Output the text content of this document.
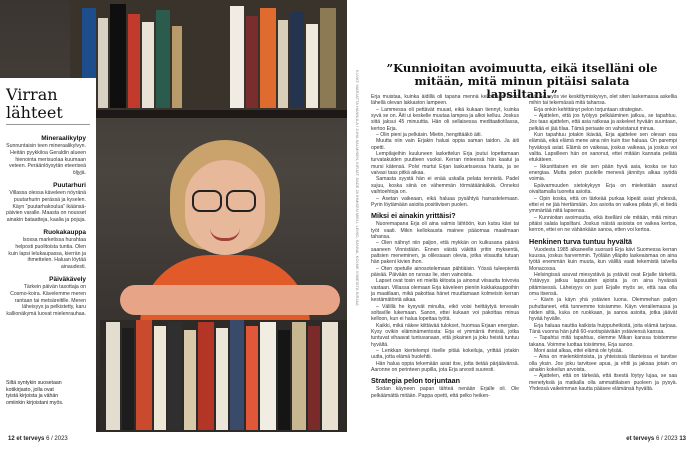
Virran lähteet
Mineraalikylpy
Sunnuntaisin teen mineraalikylvyn. Heitän pyykkiloa Geraldin alueen hienointa merisuolaa kuumaan veteen. Peräänlöysytän eteeriseä öljyjä.
Puutarhuri
Villassa olessa käveleen nöyränä puutarhurin perässä ja kyselen. Käyn “puutarhakoulua” ikäänsä-päivien varalle. Maasta on nousset ainakin bataatteja, kaalia ja pojuja.
Ruokakauppa
Isossa marketissa hurahtaa helposti puolitoista tuntia. Olen kuin lapsi lelukaupassa, kierrän ja ihmettelen. Haluan löytää ainaudesti.
Päiväkävely
Tärkein päivän tasottaja on Cosmo-koira. Kävelemme meren rantaan tai metsäreitille. Meren läheisyys ja pelkistetty, karu kallionäkymä luovat mielenrauhaa.
Siltä syntykin suosetaan kotikirjasto, jolla ovat tyistä kirjoista ja vähän omiinkin kirjoistani myös.
12 et terveys 6 / 2023
”Kunnioitan avoimuutta, eikä itselläni ole mitään, mitä minun pitäisi salata lapsiltani.”
Erja muistaa, kuinka äidillä oli tapana mennä kellomaan kodin lähellä olevan lakkaston lampeen.
– Lammessa oli pettävät muuat, eikä kukaan tiennyt, kuinka syvä se on. Äiti ui keskelle muutaa lampea ja alkoi kelluu. Joskus siitä jaksui 45 minuuttia. Hän oli sellaisessa meditaatiotilassa, kertoo Erja.
– Olin pieni ja pelkäsin. Mietin, hengittääkö äiti.
Muutta niin vain Erjakin halusi oppia saman taidon. Ja äiti opetti.
Lempilajeihin kuuluneen laskettelun Erja joutui lopettamaan turvatakuiden puutteen vuoksi. Kerran rinteessä hän kaatui ja mursi kätensä. Polvi murtui Erjan laskuetsuessa hiusta, ja se vaivasi taas pitkä aikaa.
Samasta syystä hän ei enää uskalla pelata tennistä. Padel sujuu, koska siinä on vähemmän törmätäänkäkiä. Onneksi vaihtoehtoja on.
– Asetan vaikeaan, eikä haluaa pysähtyä harrastelemaan. Pyrin löytämään asioita positiivisen puolen.
Miksi ei ainakin yrittäisi?
Nuoremapana Erja oli aina valmis lähtöön, kun kutsu kävi tai työt vaati. Mikin kellokausta mainee pääomaa maailmaan tahansa.
– Olen nähnyt niin paljon, että mykkän on kulkusana päänä saaneen Vinnistään. Ennen väistä väkittä yritin myksentä, paitsien meneminen, ja olilessaan olevia, jotka viisautta tutuan hän pakeni kivien ihon.
– Oten opetulle ainosotelemaan pähtiäisin. Yössä tuleepientä päivää. Päivään on runsas lie, sten vainoista.
Lapset ovat tosin eri mieltä kiitosta ja ainonut viisautta toivovia vastaan. Villassa olemaan Erja käveleen pieniin kukkakauppoihin ja maatilaan, mikä pakottaa hänet muuttamaan kolmeisin kerran kestämätöntä aikaa.
– Välillä he kysyvät minulta, eikö voisi heittäytyä terveaiin soltaville lukemaan. Sanon, ettei kukaan voi pakottaa minua kelloon, kun ei halua lopettaa työtä.
Kaikki, mikä näkee kiittävää tulokset, huomaa Erjaan energian. Kysy ovikin eläminämentosta: Erja ei ymmärrä ihmisiä, jotka tuntuvat vihaavat tuntuvanaan, että jokainen ja joku heistä tuntuu hyvältä.
– Lenkkan kiertelempi itselle pitää kokeiluja, yrittää jotakin uutta, jotta elämä huolehtii.
Hän halua oppia tekemään asiat itse, jotta tietää pärjäävänsä. Aaronne on perinteen pupilla, jota Erja arvosti suuresti.
Strategia pelon torjuntaan
Sodan käyneen papan tähteä nenään Erjalle oli. Ole pelkäämättä mitään. Pappa opetti, että pelko heiken-
tää. Se myös vie keskittymiskyvyn, olet siten laskemassa askellia mihin tai tekemässä mitä tahansa.
Erja onkin kehittänyt pelon torjuntaan strategian.
– Ajattelen, että jos työlyys pelkääminen jatkuu, se tapahtuu. Jos taas ajattelen, että asia ratkeaa ja askeleet hyvään suuntaan, pelkää ei jää tilaa. Tämä periaate on vahvistanut minua.
Kun tapahtuu jotakin ikävää, Erja ajattelee sen olevan osa elämää, eikä elämä mene aina niin kuin itse haluaa. On parempi hyväksyä asiat. Elämä on vaikeaa, joskus vaikeaa, ja joskus voi valita. Lapsilleen hän on sanonut, ettei mitään kannata pelätä etukäteen.
– Ikkunittaisen en ole sen pään hyvä asia, koska se tuo energiaa. Mutta pelon puolelle menevä jännitys alkaa syödä voimia.
Epävarmuuden sietokykyyn Erja on mielestään saanut oivaltamalla tuoreita asioita.
– Opin koska, että on tärkeää purkaa kipeät asiat yhdessä, ettei ei ne jää hiertämään. Jos asioita on vaikea pilata yli, ei tiedä ymmärtää niitä lapsensa.
– Kunnioitan avoimuutta, eikä itselläni ole mitään, mitä minun pitäisi salata lapsiltani. Joskus näistä asioista on vaikea kertoa, kerron, ettei en ne vähänkään sanoa, etten voi kertoa.
Henkinen turva tuntuu hyvältä
Vuodesta 1985 alkaneelle suorasti Erja kävi Suomessa kerran kuussa, joskus harvemmin. Työlään ylläpito laskeaismaa on aina työtä enemmän kuin muuta, kun välillä vaati tekemistä talvella Monacossa.
Helsingissä asuvat miesystävä ja ystävät ovat Erjalle tärkeitä. Ystävyys jatkuu lapsuuden ajoista ja on aina hyvässä pitämisessä. Läheisyys on juuri Erjalle myös se, että saa olla oma itsensä.
– Kävin ja käyn yhä ystävien luona. Olemmehan paljon puhuttaneet, että tunnemme toisiamme. Käyn vierailemassa ja niiden siltä, kuka on ruokkaan, ja sanoa asioita, jotka jäävät hyvää hyvälle.
Erja haluaa nauttia kaikista huippuhetkistä, joita elämä tarjoaa. Tänä vuonna hän juhli 60-vuotispäiviään ystäviensä kanssa.
– Tapahtui mitä tapahtuu, olemme Mikan kanssa toistemme takana. Voimme luottaa toisiimme, Erja sanoo.
Moni asiat alkaa, ettei elämä ole tylsää.
– Aina on mielenkiintoista, ja yhteisissä tilanteissa ei tarvitse olla yksin. Jos joku tarvitsee apua, ja ehtii ja jaksaa jotain on ainakin kokeilun arvoista.
– Ajattelen, että on tärkeää, että itsestä löytyy lujaa, se saa menetyksiä ja matkalla olla ammattilaisen puoleen ja pysyä. Yhdessä vaikeimman kautta pääsee elämänsä hyvältä.
et terveys 6 / 2023 13
KUVAT: MARJATTA HANNULA / JUHA SALMINEN, KIRJAT: SADE JA IHMISEN MIELI, LEINO, SANNA, KOLME VIIMEISTÄ KIRJAA
